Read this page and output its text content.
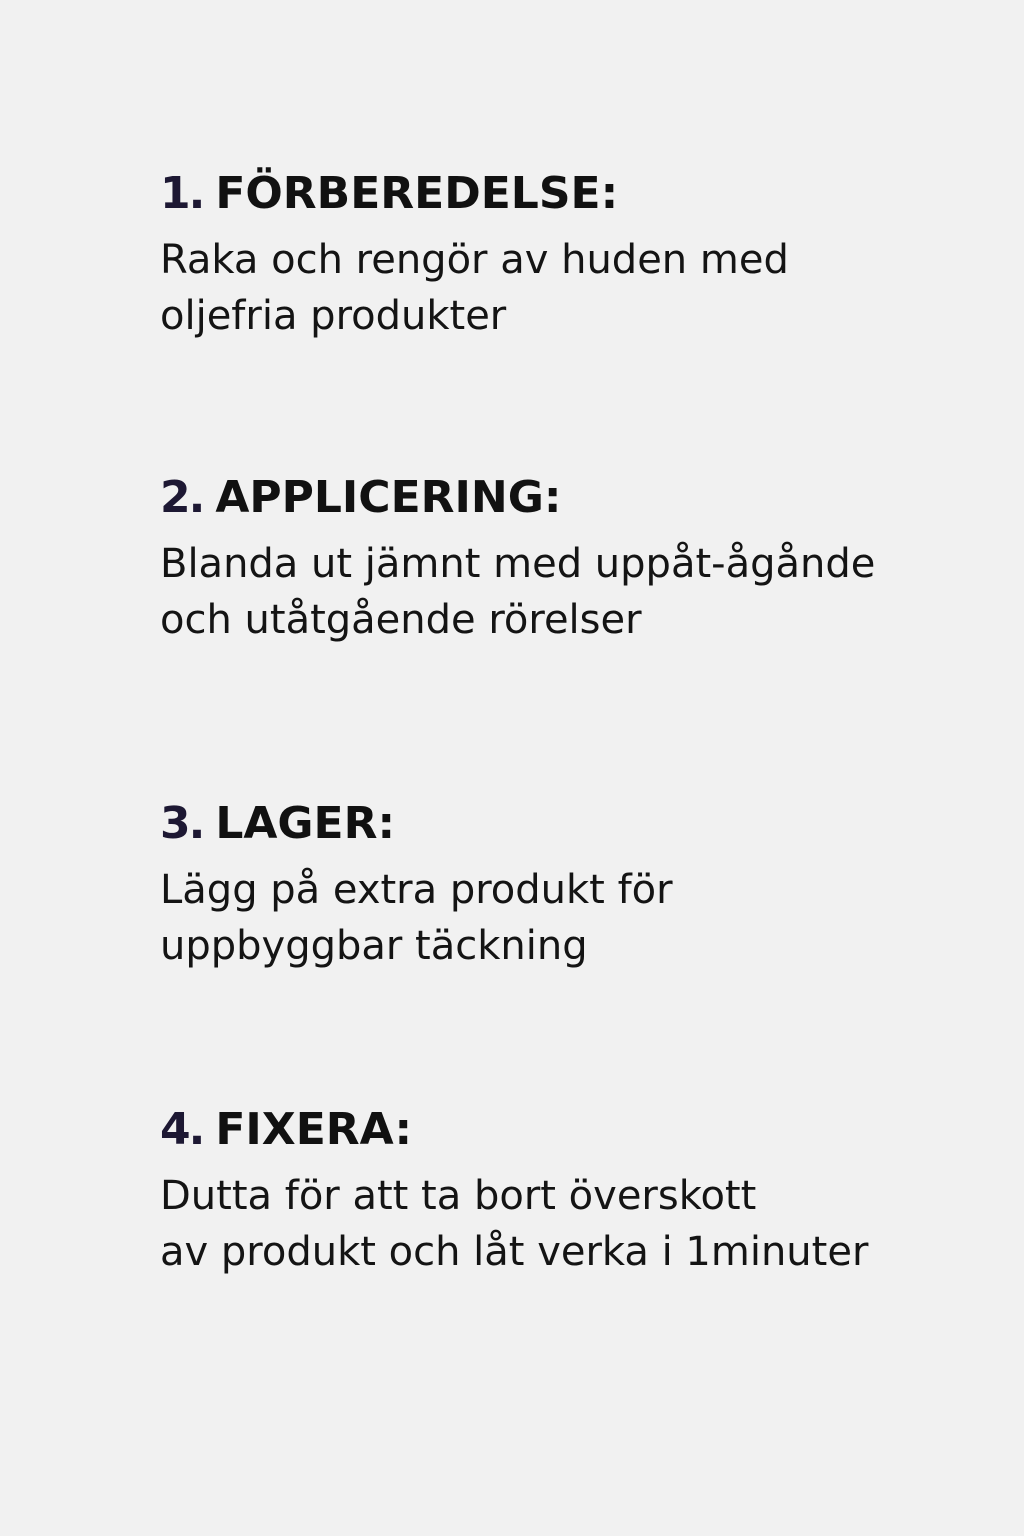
1. FÖRBEREDELSE:
Raka och rengör av huden med
oljefria produkter
2. APPLICERING:
Blanda ut jämnt med uppåt-ågånde
och utåtgående rörelser
3. LAGER:
Lägg på extra produkt för
uppbyggbar täckning
4. FIXERA:
Dutta för att ta bort överskott
av produkt och låt verka i 1minuter
